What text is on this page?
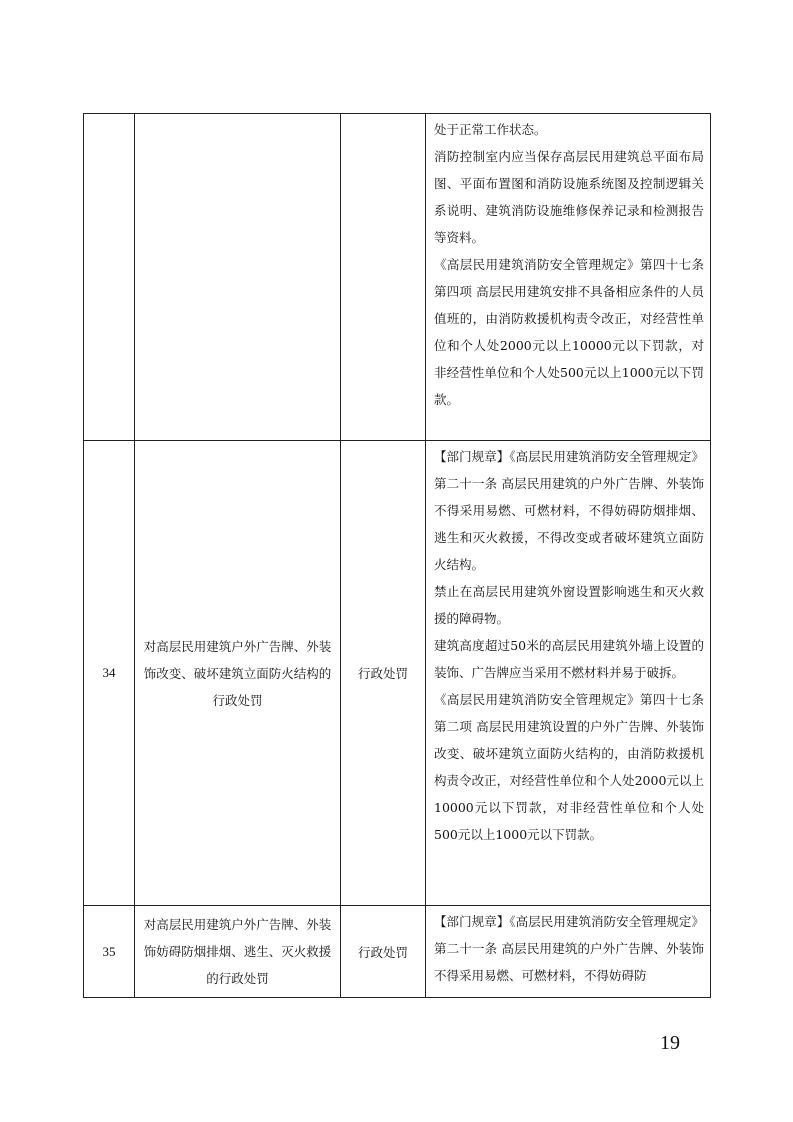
			处于正常工作状态。

消防控制室内应当保存高层民用建筑总平面布局图、平面布置图和消防设施系统图及控制逻辑关系说明、建筑消防设施维修保养记录和检测报告等资料。

《高层民用建筑消防安全管理规定》第四十七条第四项 高层民用建筑安排不具备相应条件的人员值班的，由消防救援机构责令改正，对经营性单位和个人处2000元以上10000元以下罚款，对非经营性单位和个人处500元以上1000元以下罚款。

34	对高层民用建筑户外广告牌、外装饰改变、破坏建筑立面防火结构的行政处罚	行政处罚	【部门规章】《高层民用建筑消防安全管理规定》第二十一条 高层民用建筑的户外广告牌、外装饰不得采用易燃、可燃材料，不得妨碍防烟排烟、逃生和灭火救援，不得改变或者破坏建筑立面防火结构。

禁止在高层民用建筑外窗设置影响逃生和灭火救援的障碍物。

建筑高度超过50米的高层民用建筑外墙上设置的装饰、广告牌应当采用不燃材料并易于破拆。

《高层民用建筑消防安全管理规定》第四十七条第二项 高层民用建筑设置的户外广告牌、外装饰改变、破坏建筑立面防火结构的，由消防救援机构责令改正，对经营性单位和个人处2000元以上10000元以下罚款，对非经营性单位和个人处500元以上1000元以下罚款。

35	对高层民用建筑户外广告牌、外装饰妨碍防烟排烟、逃生、灭火救援的行政处罚	行政处罚	【部门规章】《高层民用建筑消防安全管理规定》第二十一条 高层民用建筑的户外广告牌、外装饰不得采用易燃、可燃材料，不得妨碍防

19
